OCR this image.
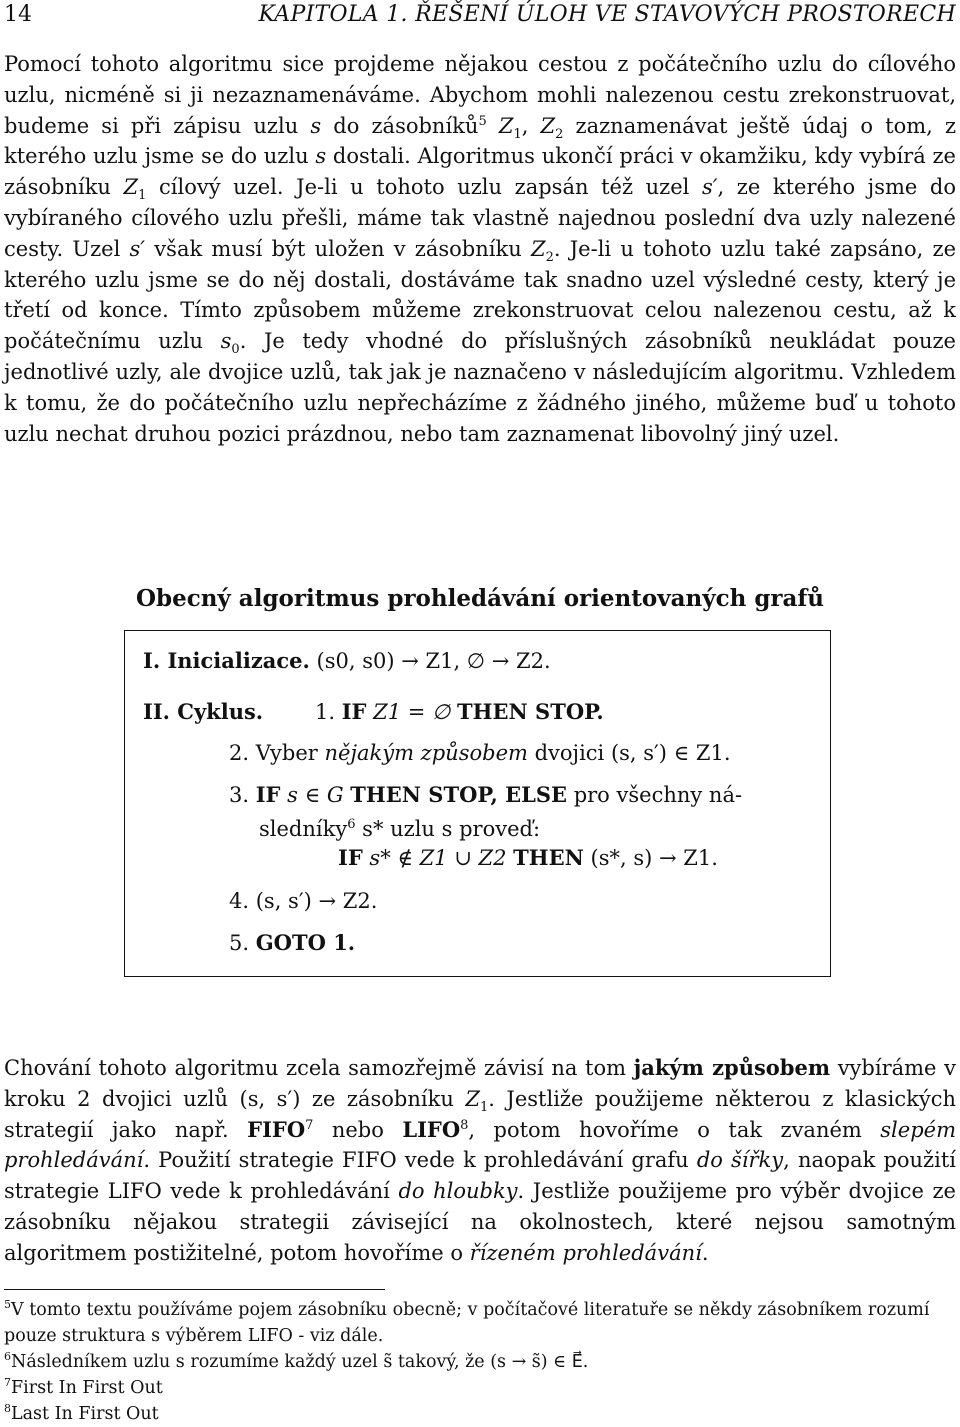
14	KAPITOLA 1. ŘEŠENÍ ÚLOH VE STAVOVÝCH PROSTORECH

Pomocí tohoto algoritmu sice projdeme nějakou cestou z počátečního uzlu do cílového uzlu, nicméně si ji nezaznamenáváme. Abychom mohli nalezenou cestu zrekonstruovat, budeme si při zápisu uzlu s do zásobníků$^5$ $Z_1$, $Z_2$ zaznamenávat ještě údaj o tom, z kterého uzlu jsme se do uzlu s dostali. Algoritmus ukončí práci v okamžiku, kdy vybírá ze zásobníku $Z_1$ cílový uzel. Je-li u tohoto uzlu zapsán též uzel s′, ze kterého jsme do vybíraného cílového uzlu přešli, máme tak vlastně najednou poslední dva uzly nalezené cesty. Uzel s′ však musí být uložen v zásobníku $Z_2$. Je-li u tohoto uzlu také zapsáno, ze kterého uzlu jsme se do něj dostali, dostáváme tak snadno uzel výsledné cesty, který je třetí od konce. Tímto způsobem můžeme zrekonstruovat celou nalezenou cestu, až k počátečnímu uzlu $s_0$. Je tedy vhodné do příslušných zásobníků neukládat pouze jednotlivé uzly, ale dvojice uzlů, tak jak je naznačeno v následujícím algoritmu. Vzhledem k tomu, že do počátečního uzlu nepřecházíme z žádného jiného, můžeme buď u tohoto uzlu nechat druhou pozici prázdnou, nebo tam zaznamenat libovolný jiný uzel.

Obecný algoritmus prohledávání orientovaných grafů
I. Inicializace. (s0, s0) → Z1, ∅ → Z2.
II. Cyklus. 1. IF Z1 = ∅ THEN STOP.
2. Vyber nějakým způsobem dvojici (s, s′) ∈ Z1.
3. IF s ∈ G THEN STOP, ELSE pro všechny ná-
sledníky$^6$ s* uzlu s proveď:
IF s* ∉ Z1 ∪ Z2 THEN (s*, s) → Z1.
4. (s, s′) → Z2.
5. GOTO 1.

Chování tohoto algoritmu zcela samozřejmě závisí na tom jakým způsobem vybíráme v kroku 2 dvojici uzlů (s, s′) ze zásobníku $Z_1$. Jestliže použijeme některou z klasických strategií jako např. FIFO$^7$ nebo LIFO$^8$, potom hovoříme o tak zvaném slepém prohledávání. Použití strategie FIFO vede k prohledávání grafu do šířky, naopak použití strategie LIFO vede k prohledávání do hloubky. Jestliže použijeme pro výběr dvojice ze zásobníku nějakou strategii závisející na okolnostech, které nejsou samotným algoritmem postižitelné, potom hovoříme o řízeném prohledávání.

$^5$V tomto textu používáme pojem zásobníku obecně; v počítačové literatuře se někdy zásobníkem rozumí pouze struktura s výběrem LIFO - viz dále.

$^6$Následníkem uzlu s rozumíme každý uzel s̃ takový, že (s → s̃) ∈ E⃗.

$^7$First In First Out

$^8$Last In First Out
